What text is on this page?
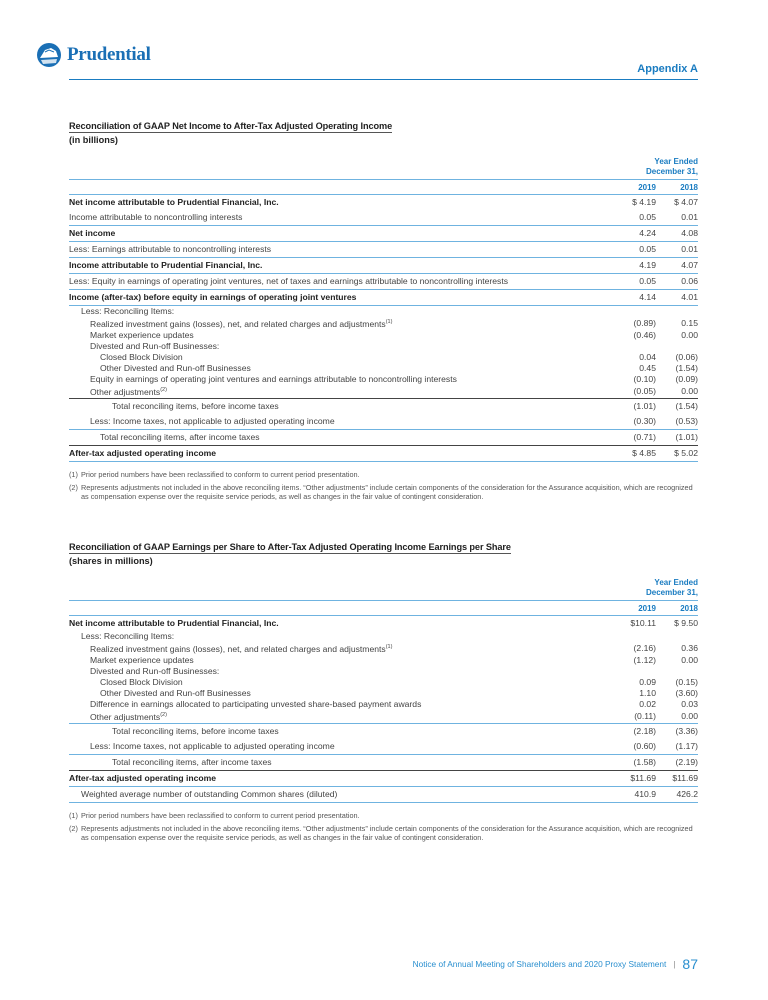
Prudential
Appendix A
Reconciliation of GAAP Net Income to After-Tax Adjusted Operating Income
(in billions)
Year Ended
December 31,
2019	2018
Net income attributable to Prudential Financial, Inc.	$ 4.19	$ 4.07
Income attributable to noncontrolling interests	0.05	0.01
Net income	4.24	4.08
Less: Earnings attributable to noncontrolling interests	0.05	0.01
Income attributable to Prudential Financial, Inc.	4.19	4.07
Less: Equity in earnings of operating joint ventures, net of taxes and earnings attributable to noncontrolling interests	0.05	0.06
Income (after-tax) before equity in earnings of operating joint ventures	4.14	4.01
Less: Reconciling Items:
Realized investment gains (losses), net, and related charges and adjustments$^{(1)}$	(0.89)	0.15
Market experience updates	(0.46)	0.00
Divested and Run-off Businesses:
Closed Block Division	0.04	(0.06)
Other Divested and Run-off Businesses	0.45	(1.54)
Equity in earnings of operating joint ventures and earnings attributable to noncontrolling interests	(0.10)	(0.09)
Other adjustments$^{(2)}$	(0.05)	0.00
Total reconciling items, before income taxes	(1.01)	(1.54)
Less: Income taxes, not applicable to adjusted operating income	(0.30)	(0.53)
Total reconciling items, after income taxes	(0.71)	(1.01)
After-tax adjusted operating income	$ 4.85	$ 5.02
(1) Prior period numbers have been reclassified to conform to current period presentation.
(2) Represents adjustments not included in the above reconciling items. “Other adjustments” include certain components of the consideration for the Assurance acquisition, which are recognized as compensation expense over the requisite service periods, as well as changes in the fair value of contingent consideration.
Reconciliation of GAAP Earnings per Share to After-Tax Adjusted Operating Income Earnings per Share
(shares in millions)
Year Ended
December 31,
2019	2018
Net income attributable to Prudential Financial, Inc.	$10.11	$ 9.50
Less: Reconciling Items:
Realized investment gains (losses), net, and related charges and adjustments$^{(1)}$	(2.16)	0.36
Market experience updates	(1.12)	0.00
Divested and Run-off Businesses:
Closed Block Division	0.09	(0.15)
Other Divested and Run-off Businesses	1.10	(3.60)
Difference in earnings allocated to participating unvested share-based payment awards	0.02	0.03
Other adjustments$^{(2)}$	(0.11)	0.00
Total reconciling items, before income taxes	(2.18)	(3.36)
Less: Income taxes, not applicable to adjusted operating income	(0.60)	(1.17)
Total reconciling items, after income taxes	(1.58)	(2.19)
After-tax adjusted operating income	$11.69	$11.69
Weighted average number of outstanding Common shares (diluted)	410.9	426.2
(1) Prior period numbers have been reclassified to conform to current period presentation.
(2) Represents adjustments not included in the above reconciling items. “Other adjustments” include certain components of the consideration for the Assurance acquisition, which are recognized as compensation expense over the requisite service periods, as well as changes in the fair value of contingent consideration.
Notice of Annual Meeting of Shareholders and 2020 Proxy Statement | 87
